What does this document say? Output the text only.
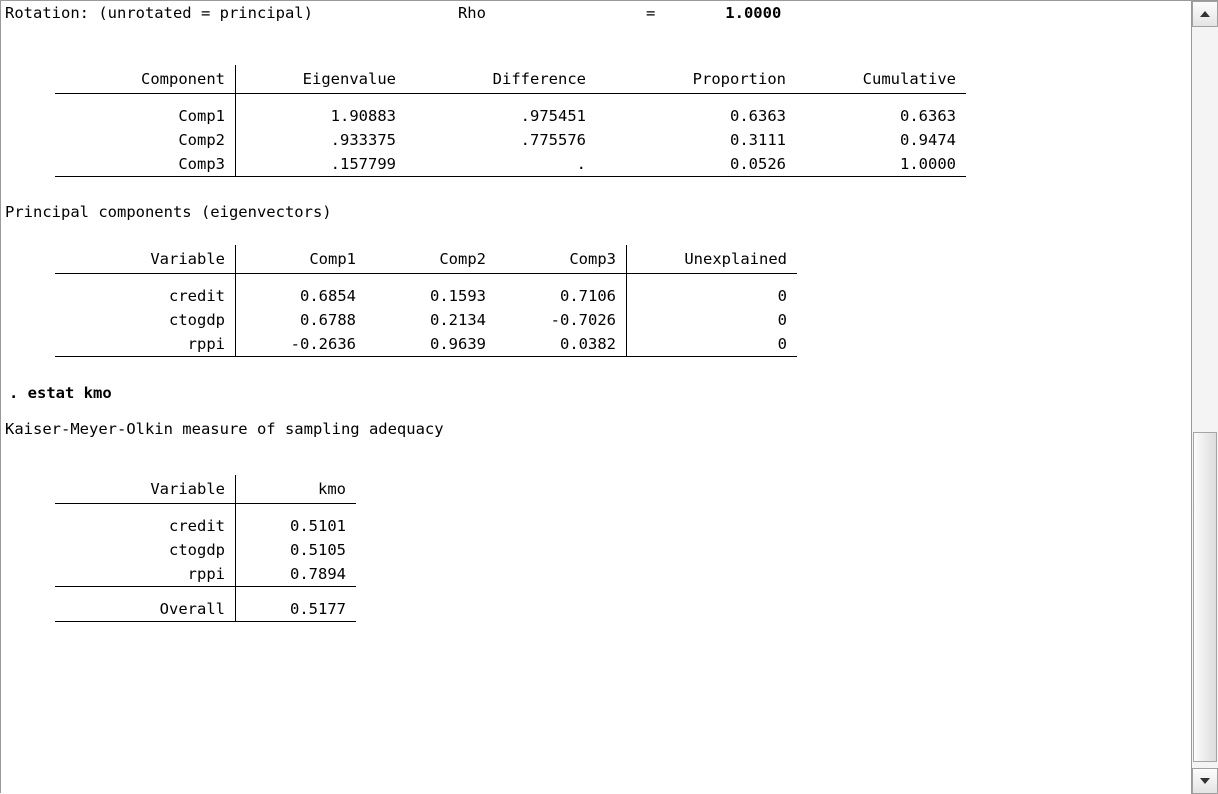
Rotation: (unrotated = principal)	Rho	=	1.0000
Component	Eigenvalue	Difference	Proportion	Cumulative

Comp1	1.90883	.975451	0.6363	0.6363
Comp2	.933375	.775576	0.3111	0.9474
Comp3	.157799	.	0.0526	1.0000
Principal components (eigenvectors)
Variable	Comp1	Comp2	Comp3	Unexplained

credit	0.6854	0.1593	0.7106	0
ctogdp	0.6788	0.2134	-0.7026	0
rppi	-0.2636	0.9639	0.0382	0
. estat kmo
Kaiser-Meyer-Olkin measure of sampling adequacy
Variable	kmo

credit	0.5101
ctogdp	0.5105
rppi	0.7894

Overall	0.5177
